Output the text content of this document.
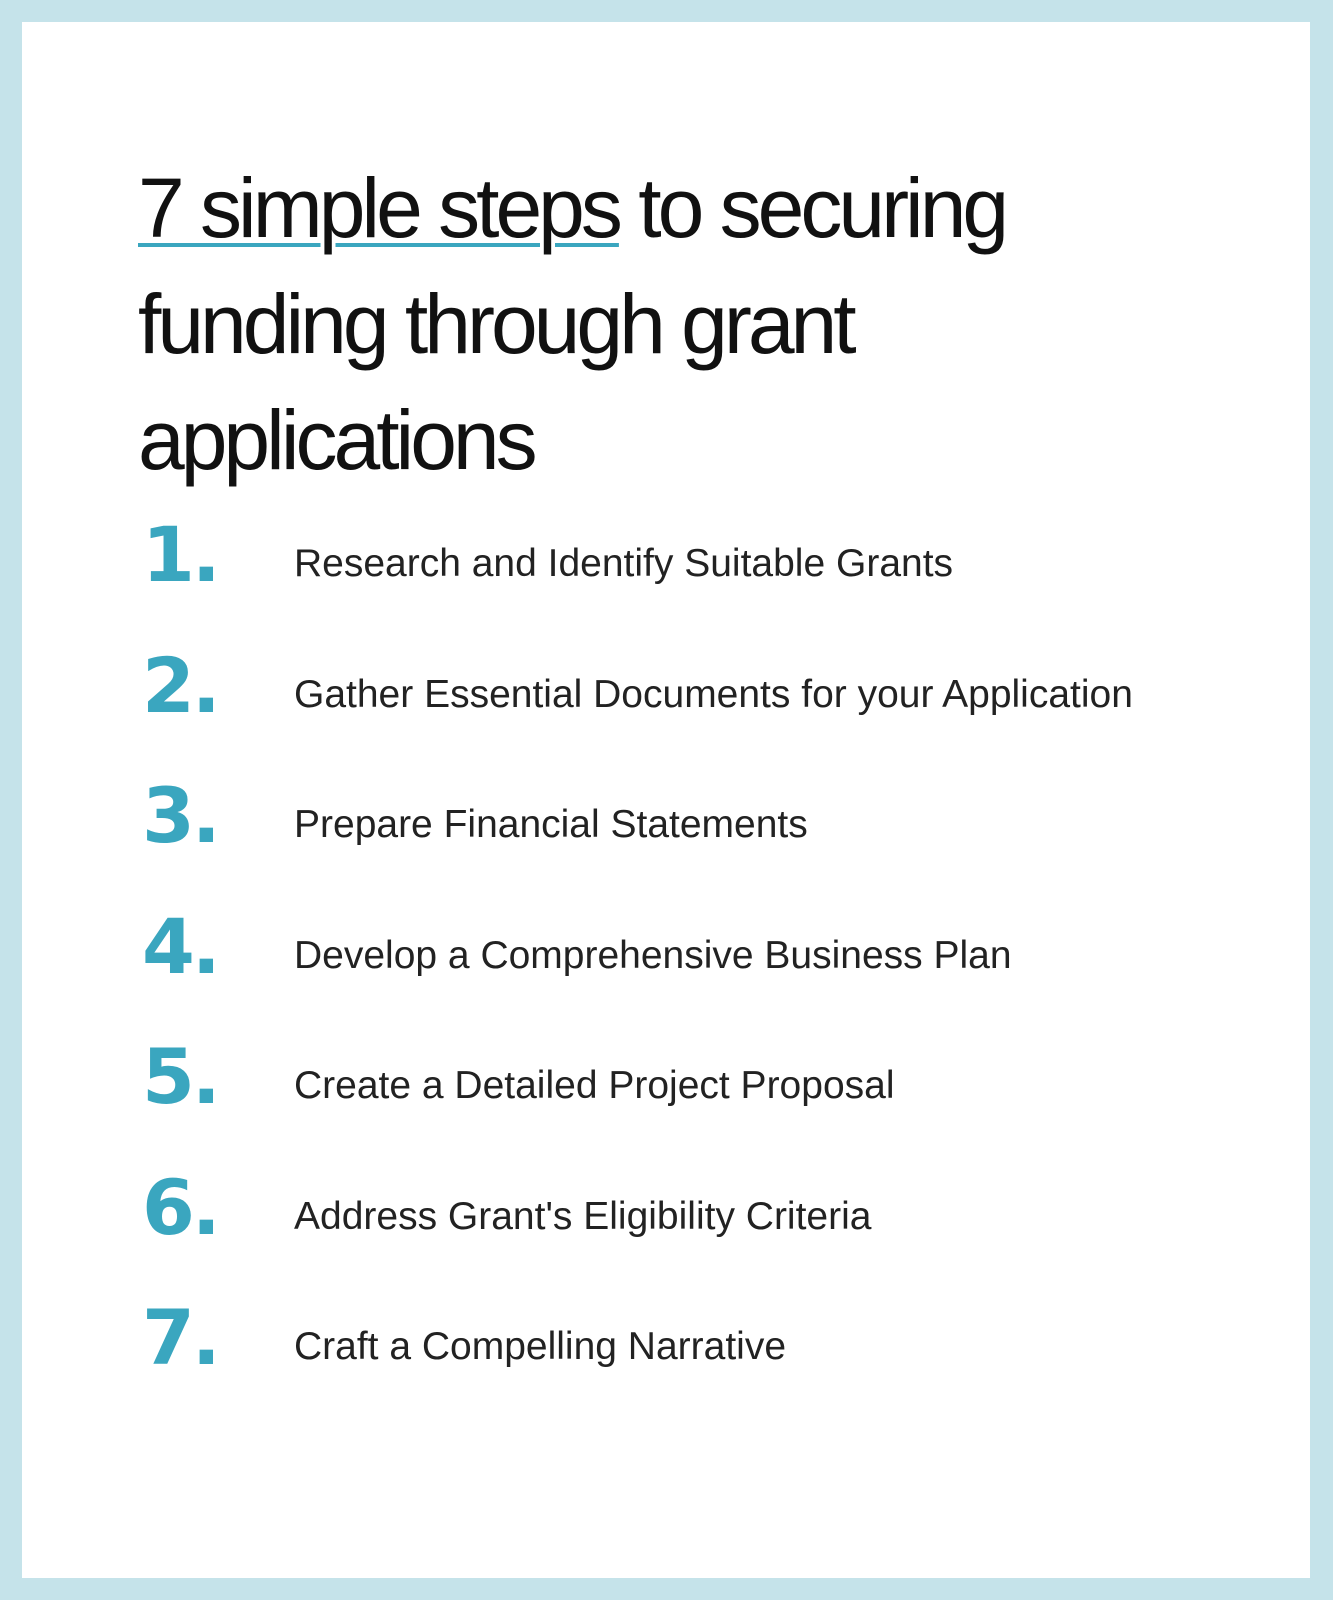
7 simple steps to securing funding through grant applications
1. Research and Identify Suitable Grants
2. Gather Essential Documents for your Application
3. Prepare Financial Statements
4. Develop a Comprehensive Business Plan
5. Create a Detailed Project Proposal
6. Address Grant's Eligibility Criteria
7. Craft a Compelling Narrative
